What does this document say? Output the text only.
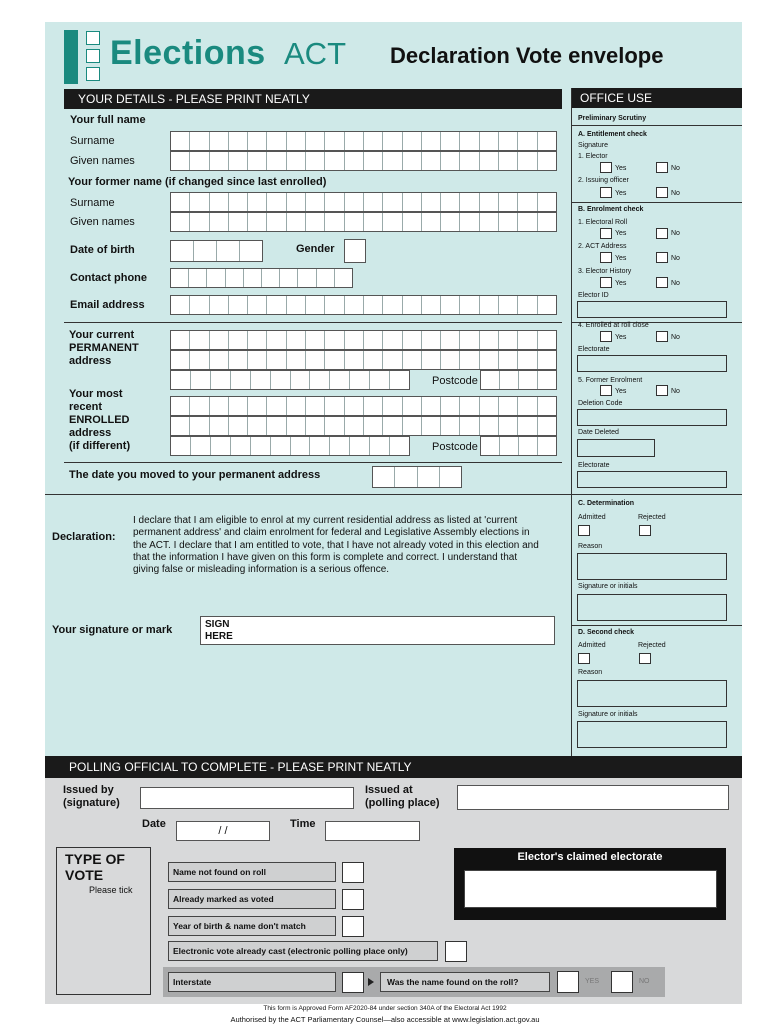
Elections ACT Declaration Vote envelope
YOUR DETAILS - PLEASE PRINT NEATLY
Your full name
Surname
Given names
Your former name (if changed since last enrolled)
Surname
Given names
Date of birth	Gender
Contact phone
Email address
Your current
PERMANENT
address
Postcode
Your most
recent
ENROLLED
address
(if different)	Postcode
The date you moved to your permanent address
Declaration:
I declare that I am eligible to enrol at my current residential address as listed at 'current permanent address' and claim enrolment for federal and Legislative Assembly elections in the ACT. I declare that I am entitled to vote, that I have not already voted in this election and that the information I have given on this form is complete and correct. I understand that giving false or misleading information is a serious offence.
Your signature or mark	SIGN HERE
OFFICE USE
Preliminary Scrutiny
A. Entitlement check
Signature
1. Elector
Yes	No
2. Issuing officer
Yes	No
B. Enrolment check
1. Electoral Roll
Yes	No
2. ACT Address
Yes	No
3. Elector History
Yes	No
Elector ID
4. Enrolled at roll close
Yes	No
Electorate
5. Former Enrolment
Yes	No
Deletion Code
Date Deleted
Electorate
C. Determination
Admitted	Rejected
Reason
Signature or initials
D. Second check
Admitted	Rejected
Reason
Signature or initials
POLLING OFFICIAL TO COMPLETE - PLEASE PRINT NEATLY
Issued by
(signature)
Issued at
(polling place)
Date
/ /
Time
TYPE OF
VOTE
Please tick
Name not found on roll
Already marked as voted
Year of birth & name don't match
Electronic vote already cast (electronic polling place only)
Interstate	Was the name found on the roll?	YES	NO
Elector's claimed electorate
This form is Approved Form AF2020-84 under section 340A of the Electoral Act 1992
Authorised by the ACT Parliamentary Counsel—also accessible at www.legislation.act.gov.au
